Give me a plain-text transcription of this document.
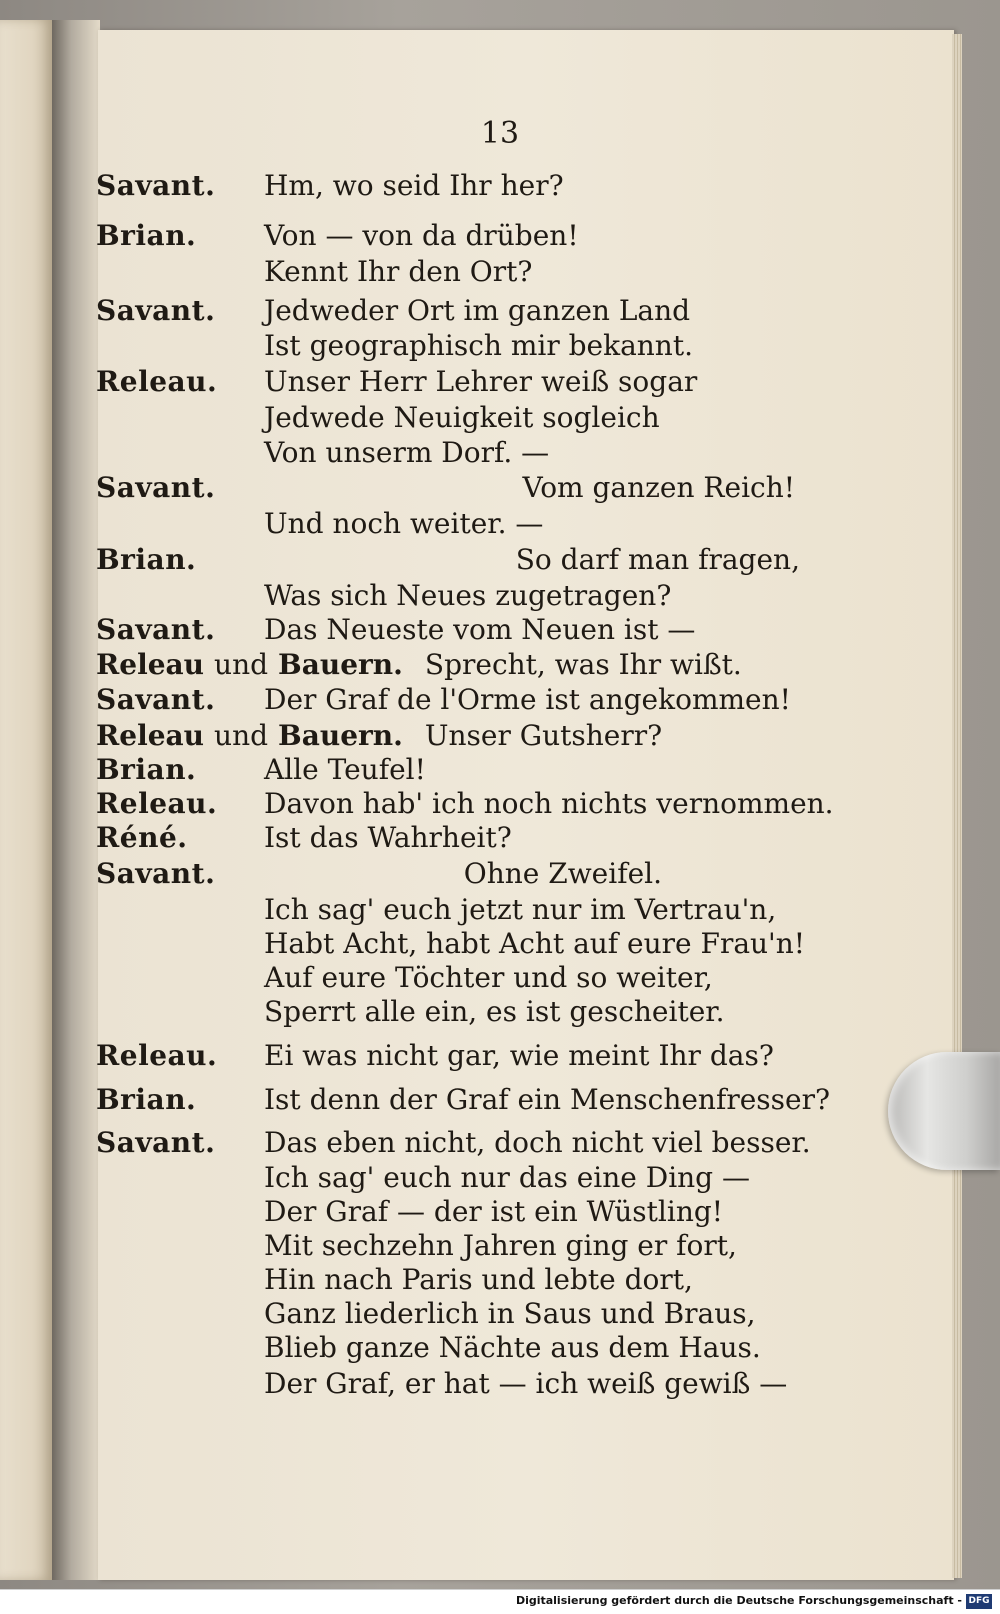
13
Savant. Hm, wo seid Ihr her?
Brian. Von — von da drüben!
Kennt Ihr den Ort?
Savant. Jedweder Ort im ganzen Land
Ist geographisch mir bekannt.
Releau. Unser Herr Lehrer weiß sogar
Jedwede Neuigkeit sogleich
Von unserm Dorf. —
Savant.	Vom ganzen Reich!
Und noch weiter. —
Brian.	So darf man fragen,
Was sich Neues zugetragen?
Savant. Das Neueste vom Neuen ist —
Releau und Bauern. Sprecht, was Ihr wißt.
Savant. Der Graf de l'Orme ist angekommen!
Releau und Bauern. Unser Gutsherr?
Brian. Alle Teufel!
Releau. Davon hab' ich noch nichts vernommen.
Réné.	Ist das Wahrheit?
Savant.	Ohne Zweifel.
Ich sag' euch jetzt nur im Vertrau'n,
Habt Acht, habt Acht auf eure Frau'n!
Auf eure Töchter und so weiter,
Sperrt alle ein, es ist gescheiter.
Releau. Ei was nicht gar, wie meint Ihr das?
Brian. Ist denn der Graf ein Menschenfresser?
Savant. Das eben nicht, doch nicht viel besser.
Ich sag' euch nur das eine Ding —
Der Graf — der ist ein Wüstling!
Mit sechzehn Jahren ging er fort,
Hin nach Paris und lebte dort,
Ganz liederlich in Saus und Braus,
Blieb ganze Nächte aus dem Haus.
Der Graf, er hat — ich weiß gewiß —
Digitalisierung gefördert durch die Deutsche Forschungsgemeinschaft - DFG
